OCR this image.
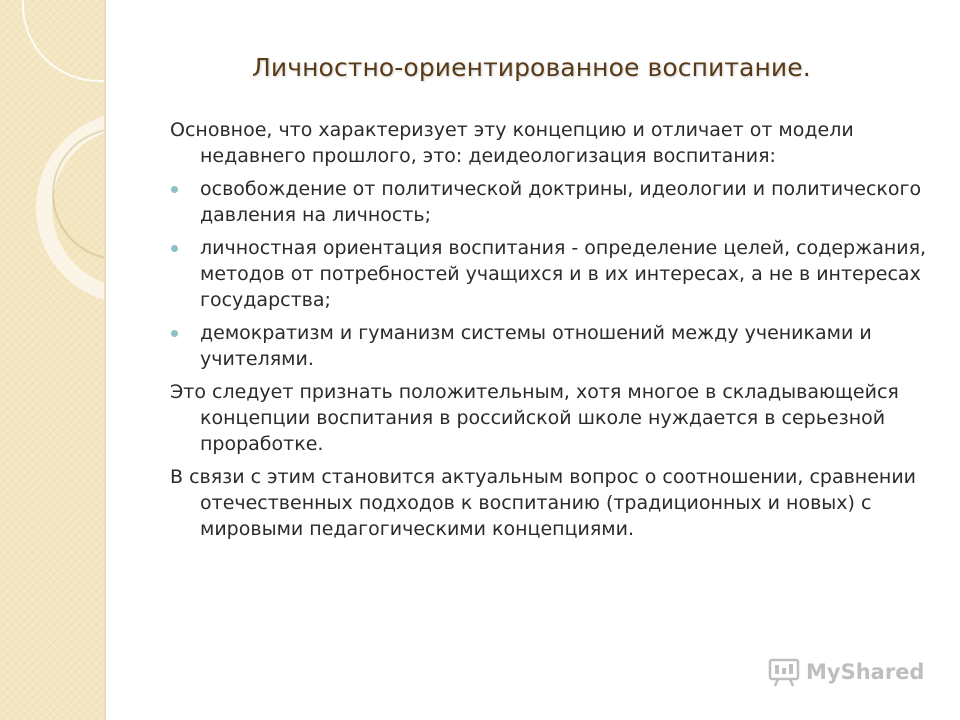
Личностно-ориентированное воспитание.

Основное, что характеризует эту концепцию и отличает от модели недавнего прошлого, это: деидеологизация воспитания:

освобождение от политической доктрины, идеологии и политического давления на личность;
личностная ориентация воспитания - определение целей, содержания, методов от потребностей учащихся и в их интересах, а не в интересах государства;
демократизм и гуманизм системы отношений между учениками и учителями.

Это следует признать положительным, хотя многое в складывающейся концепции воспитания в российской школе нуждается в серьезной проработке.

В связи с этим становится актуальным вопрос о соотношении, сравнении отечественных подходов к воспитанию (традиционных и новых) с мировыми педагогическими концепциями.

MyShared
